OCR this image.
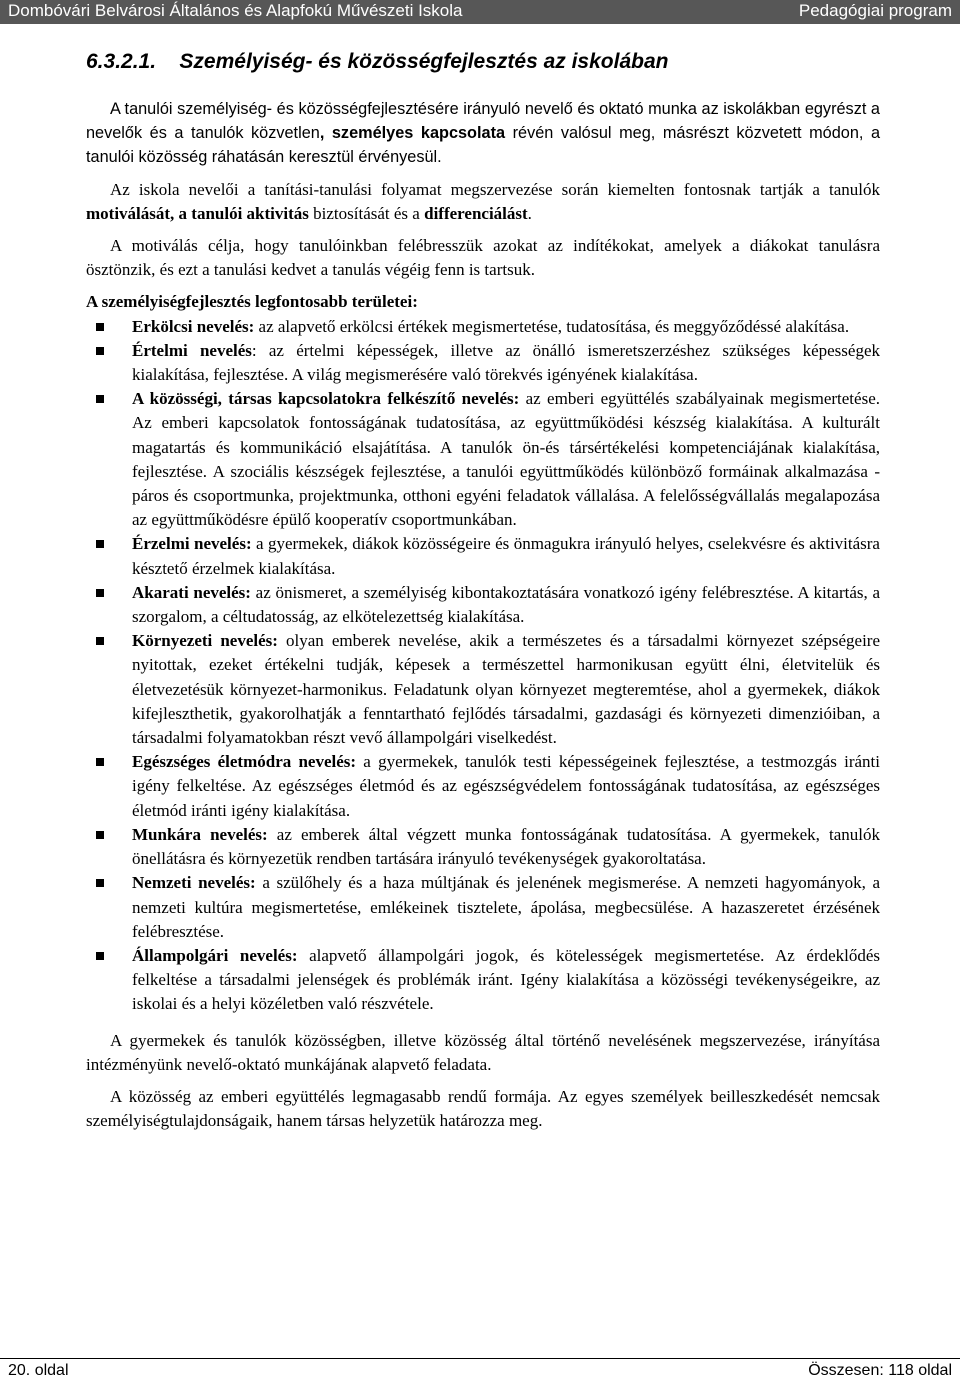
Dombóvári Belvárosi Általános és Alapfokú Művészeti Iskola	Pedagógiai program
6.3.2.1. Személyiség- és közösségfejlesztés az iskolában

A tanulói személyiség- és közösségfejlesztésére irányuló nevelő és oktató munka az iskolákban egyrészt a nevelők és a tanulók közvetlen, személyes kapcsolata révén valósul meg, másrészt közvetett módon, a tanulói közösség ráhatásán keresztül érvényesül.

Az iskola nevelői a tanítási-tanulási folyamat megszervezése során kiemelten fontosnak tartják a tanulók motiválását, a tanulói aktivitás biztosítását és a differenciálást.

A motiválás célja, hogy tanulóinkban felébresszük azokat az indítékokat, amelyek a diákokat tanulásra ösztönzik, és ezt a tanulási kedvet a tanulás végéig fenn is tartsuk.

A személyiségfejlesztés legfontosabb területei:

Erkölcsi nevelés: az alapvető erkölcsi értékek megismertetése, tudatosítása, és meggyőződéssé alakítása.
Értelmi nevelés: az értelmi képességek, illetve az önálló ismeretszerzéshez szükséges képességek kialakítása, fejlesztése. A világ megismerésére való törekvés igényének kialakítása.
A közösségi, társas kapcsolatokra felkészítő nevelés: az emberi együttélés szabályainak megismertetése. Az emberi kapcsolatok fontosságának tudatosítása, az együttműködési készség kialakítása. A kulturált magatartás és kommunikáció elsajátítása. A tanulók ön-és társértékelési kompetenciájának kialakítása, fejlesztése. A szociális készségek fejlesztése, a tanulói együttműködés különböző formáinak alkalmazása - páros és csoportmunka, projektmunka, otthoni egyéni feladatok vállalása. A felelősségvállalás megalapozása az együttműködésre épülő kooperatív csoportmunkában.
Érzelmi nevelés: a gyermekek, diákok közösségeire és önmagukra irányuló helyes, cselekvésre és aktivitásra késztető érzelmek kialakítása.
Akarati nevelés: az önismeret, a személyiség kibontakoztatására vonatkozó igény felébresztése. A kitartás, a szorgalom, a céltudatosság, az elkötelezettség kialakítása.
Környezeti nevelés: olyan emberek nevelése, akik a természetes és a társadalmi környezet szépségeire nyitottak, ezeket értékelni tudják, képesek a természettel harmonikusan együtt élni, életvitelük és életvezetésük környezet-harmonikus. Feladatunk olyan környezet megteremtése, ahol a gyermekek, diákok kifejleszthetik, gyakorolhatják a fenntartható fejlődés társadalmi, gazdasági és környezeti dimenzióiban, a társadalmi folyamatokban részt vevő állampolgári viselkedést.
Egészséges életmódra nevelés: a gyermekek, tanulók testi képességeinek fejlesztése, a testmozgás iránti igény felkeltése. Az egészséges életmód és az egészségvédelem fontosságának tudatosítása, az egészséges életmód iránti igény kialakítása.
Munkára nevelés: az emberek által végzett munka fontosságának tudatosítása. A gyermekek, tanulók önellátásra és környezetük rendben tartására irányuló tevékenységek gyakoroltatása.
Nemzeti nevelés: a szülőhely és a haza múltjának és jelenének megismerése. A nemzeti hagyományok, a nemzeti kultúra megismertetése, emlékeinek tisztelete, ápolása, megbecsülése. A hazaszeretet érzésének felébresztése.
Állampolgári nevelés: alapvető állampolgári jogok, és kötelességek megismertetése. Az érdeklődés felkeltése a társadalmi jelenségek és problémák iránt. Igény kialakítása a közösségi tevékenységeikre, az iskolai és a helyi közéletben való részvétele.

A gyermekek és tanulók közösségben, illetve közösség által történő nevelésének megszervezése, irányítása intézményünk nevelő-oktató munkájának alapvető feladata.

A közösség az emberi együttélés legmagasabb rendű formája. Az egyes személyek beilleszkedését nemcsak személyiségtulajdonságaik, hanem társas helyzetük határozza meg.

20. oldal	Összesen: 118 oldal
